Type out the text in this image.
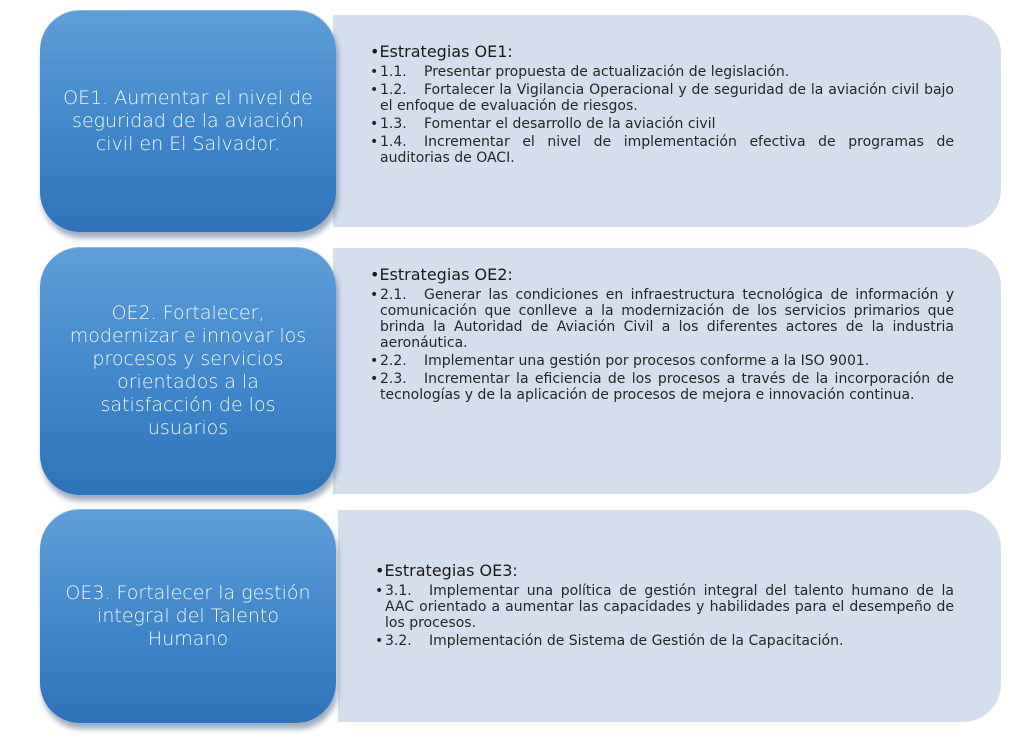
OE1. Aumentar el nivel de seguridad de la aviación civil en El Salvador.
•Estrategias OE1:
• 1.1. Presentar propuesta de actualización de legislación.
• 1.2. Fortalecer la Vigilancia Operacional y de seguridad de la aviación civil bajo el enfoque de evaluación de riesgos.
• 1.3. Fomentar el desarrollo de la aviación civil
• 1.4. Incrementar el nivel de implementación efectiva de programas de auditorias de OACI.
OE2. Fortalecer, modernizar e innovar los procesos y servicios orientados a la satisfacción de los usuarios
•Estrategias OE2:
• 2.1. Generar las condiciones en infraestructura tecnológica de información y comunicación que conlleve a la modernización de los servicios primarios que brinda la Autoridad de Aviación Civil a los diferentes actores de la industria aeronáutica.
• 2.2. Implementar una gestión por procesos conforme a la ISO 9001.
• 2.3. Incrementar la eficiencia de los procesos a través de la incorporación de tecnologías y de la aplicación de procesos de mejora e innovación continua.
OE3. Fortalecer la gestión integral del Talento Humano
•Estrategias OE3:
• 3.1. Implementar una política de gestión integral del talento humano de la AAC orientado a aumentar las capacidades y habilidades para el desempeño de los procesos.
• 3.2. Implementación de Sistema de Gestión de la Capacitación.
